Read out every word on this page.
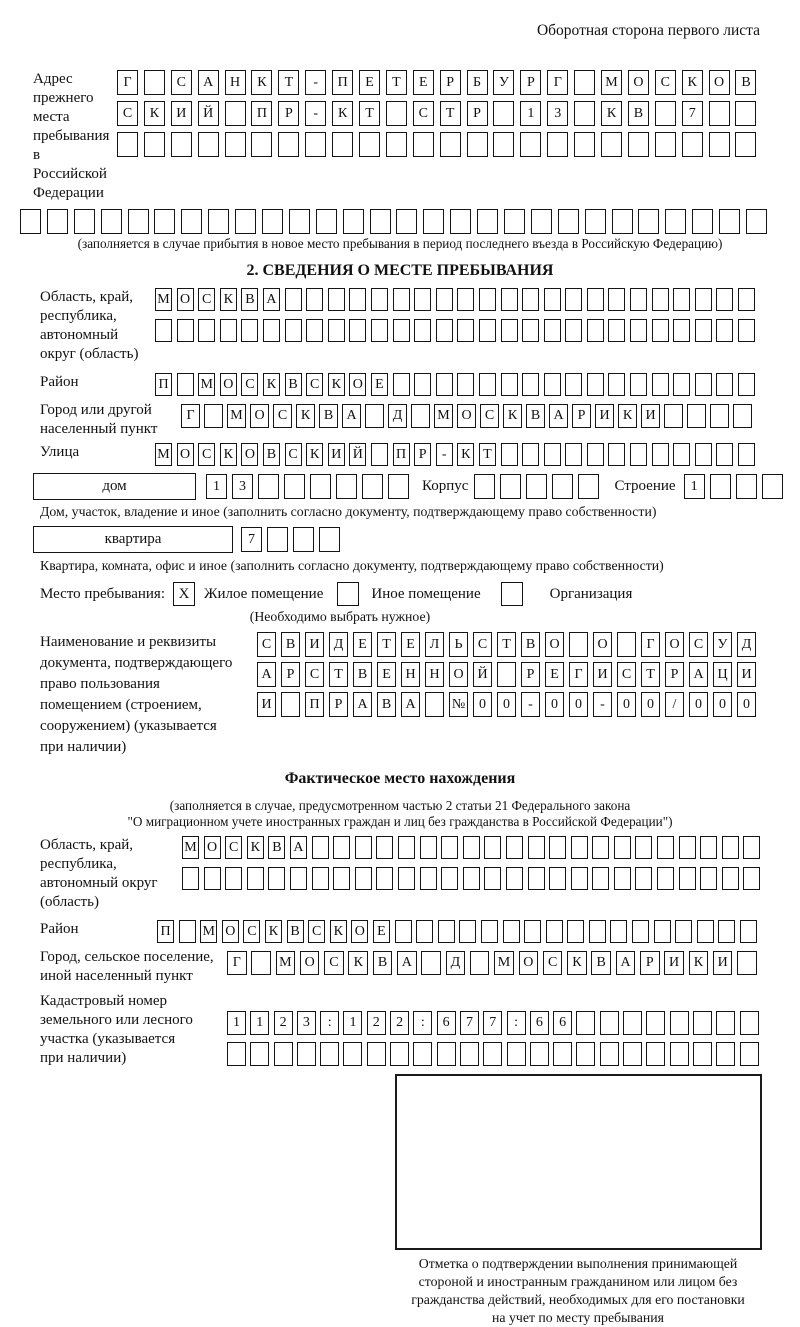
Оборотная сторона первого листа
Адрес прежнего
места пребывания
в Российской
Федерации
Г	С	А	Н	К	Т	-	П	Е	Т	Е	Р	Б	У	Р	Г	М	О	С	К	О	В
С	К	И	Й	П	Р	-	К	Т	С	Т	Р	1	3	К	В	7
(заполняется в случае прибытия в новое место пребывания в период последнего въезда в Российскую Федерацию)
2. СВЕДЕНИЯ О МЕСТЕ ПРЕБЫВАНИЯ
Область, край,
республика,
автономный
округ (область)
М О С К В А
Район	П М О С К В С К О Е
Город или другой
населенный пункт
Г	М О С К В А	Д	М О С К В А	Р	И К И
Улица	М О С К О В С К И Й П Р	-	К Т
дом	1	3	Корпус	Строение	1
Дом, участок, владение и иное (заполнить согласно документу, подтверждающему право собственности)
квартира	7
Квартира, комната, офис и иное (заполнить согласно документу, подтверждающему право собственности)
Место пребывания: X Жилое помещение	Иное помещение	Организация
(Необходимо выбрать нужное)
Наименование и реквизиты
документа, подтверждающего
право пользования
помещением (строением,
сооружением) (указывается
при наличии)
С	В	И	Д	Е	Т	Е	Л	Ь	С	Т	В	О	О	Г	О	С	У	Д
А	Р	С	Т	В	Е	Н Н О Й	Р	Е	Г	И	С	Т	Р	А Ц И
И	П	Р	А	В	А	№ 0	0	-	0	0	-	0	0	/	0	0	0
Фактическое место нахождения
(заполняется в случае, предусмотренном частью 2 статьи 21 Федерального закона
"О миграционном учете иностранных граждан и лиц без гражданства в Российской Федерации")
Область, край,
республика,
автономный округ
(область)
М О С К В А
Район	П М О С К В С К О Е
Город, сельское поселение,
иной населенный пункт
Г	М О	С	К	В	А	Д	М О	С	К	В	А	Р	И	К	И
Кадастровый номер
земельного или лесного
участка (указывается
при наличии)
1	1	2	3	:	1	2	2	:	6	7	7	:	6	6
Отметка о подтверждении выполнения принимающей
стороной и иностранным гражданином или лицом без
гражданства действий, необходимых для его постановки
на учет по месту пребывания
